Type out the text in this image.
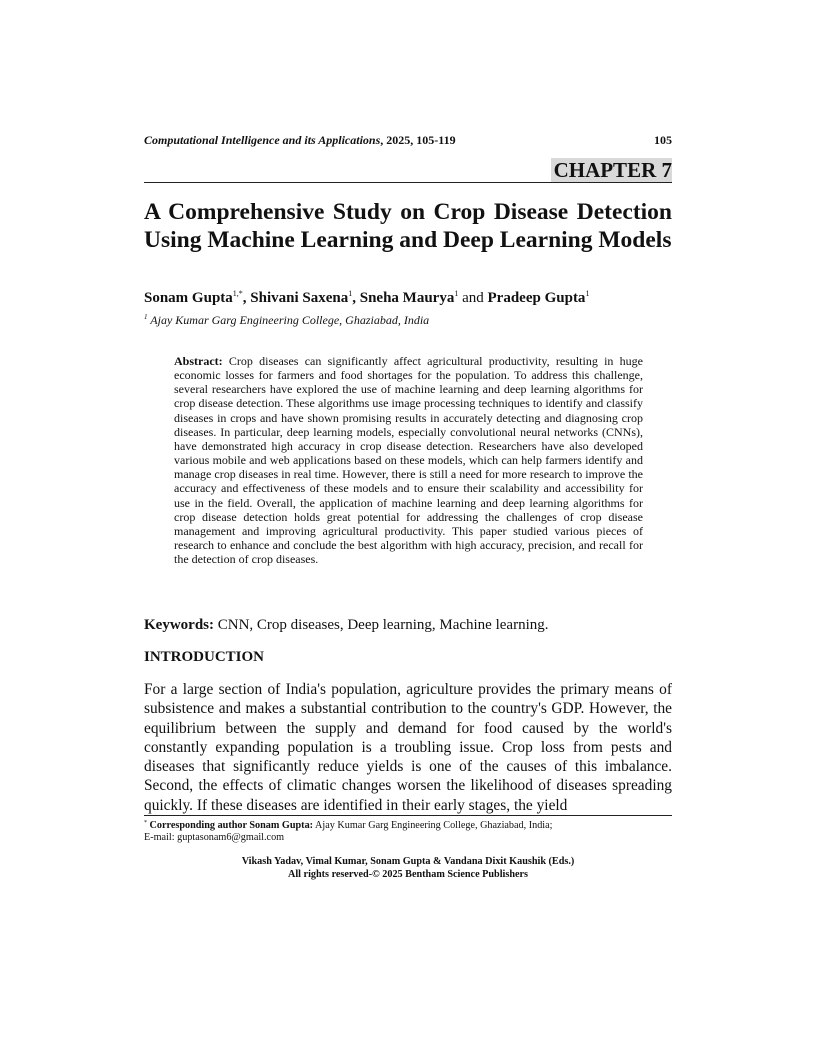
Computational Intelligence and its Applications, 2025, 105-119	105
CHAPTER 7
A Comprehensive Study on Crop Disease Detection Using Machine Learning and Deep Learning Models
Sonam Gupta$^{1,*}$, Shivani Saxena$^1$, Sneha Maurya$^1$ and Pradeep Gupta$^1$
$^1$ Ajay Kumar Garg Engineering College, Ghaziabad, India

Abstract: Crop diseases can significantly affect agricultural productivity, resulting in huge economic losses for farmers and food shortages for the population. To address this challenge, several researchers have explored the use of machine learning and deep learning algorithms for crop disease detection. These algorithms use image processing techniques to identify and classify diseases in crops and have shown promising results in accurately detecting and diagnosing crop diseases. In particular, deep learning models, especially convolutional neural networks (CNNs), have demonstrated high accuracy in crop disease detection. Researchers have also developed various mobile and web applications based on these models, which can help farmers identify and manage crop diseases in real time. However, there is still a need for more research to improve the accuracy and effectiveness of these models and to ensure their scalability and accessibility for use in the field. Overall, the application of machine learning and deep learning algorithms for crop disease detection holds great potential for addressing the challenges of crop disease management and improving agricultural productivity. This paper studied various pieces of research to enhance and conclude the best algorithm with high accuracy, precision, and recall for the detection of crop diseases.

Keywords: CNN, Crop diseases, Deep learning, Machine learning.
INTRODUCTION

For a large section of India's population, agriculture provides the primary means of subsistence and makes a substantial contribution to the country's GDP. However, the equilibrium between the supply and demand for food caused by the world's constantly expanding population is a troubling issue. Crop loss from pests and diseases that significantly reduce yields is one of the causes of this imbalance. Second, the effects of climatic changes worsen the likelihood of diseases spreading quickly. If these diseases are identified in their early stages, the yield

* Corresponding author Sonam Gupta: Ajay Kumar Garg Engineering College, Ghaziabad, India;
E-mail: guptasonam6@gmail.com
Vikash Yadav, Vimal Kumar, Sonam Gupta & Vandana Dixit Kaushik (Eds.)
All rights reserved-© 2025 Bentham Science Publishers
